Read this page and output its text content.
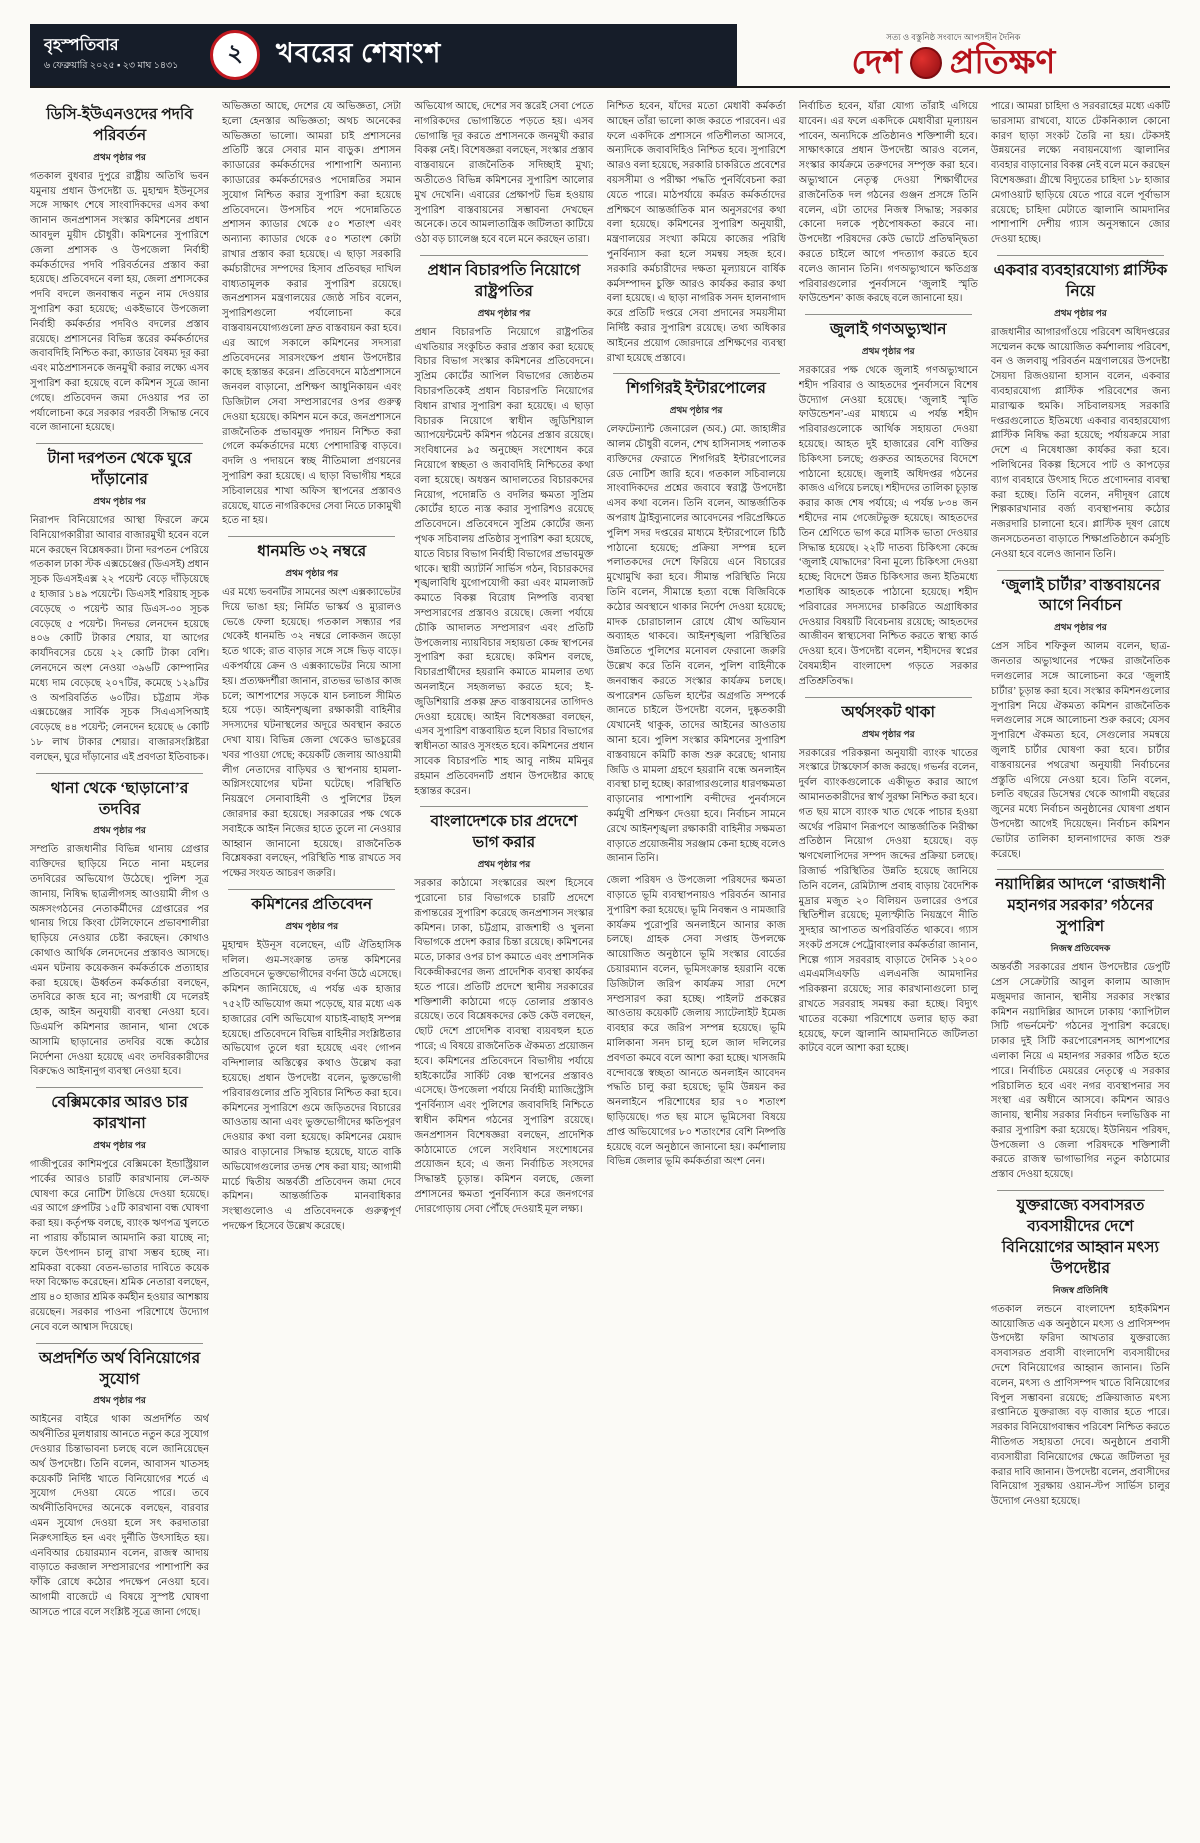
বৃহস্পতিবার
৬ ফেব্রুয়ারি ২০২৫ ▪ ২৩ মাঘ ১৪৩১	২ খবরের শেষাংশ
সত্য ও বস্তুনিষ্ঠ সংবাদে আপসহীন দৈনিক
দেশ প্রতিক্ষণ
ডিসি-ইউএনওদের পদবি পরিবর্তন
প্রথম পৃষ্ঠার পর

গতকাল বুধবার দুপুরে রাষ্ট্রীয় অতিথি ভবন যমুনায় প্রধান উপদেষ্টা ড. মুহাম্মদ ইউনূসের সঙ্গে সাক্ষাৎ শেষে সাংবাদিকদের এসব কথা জানান জনপ্রশাসন সংস্কার কমিশনের প্রধান আবদুল মুয়ীদ চৌধুরী। কমিশনের সুপারিশে জেলা প্রশাসক ও উপজেলা নির্বাহী কর্মকর্তাদের পদবি পরিবর্তনের প্রস্তাব করা হয়েছে। প্রতিবেদনে বলা হয়, জেলা প্রশাসকের পদবি বদলে জনবান্ধব নতুন নাম দেওয়ার সুপারিশ করা হয়েছে; একইভাবে উপজেলা নির্বাহী কর্মকর্তার পদবিও বদলের প্রস্তাব রয়েছে। প্রশাসনের বিভিন্ন স্তরের কর্মকর্তাদের জবাবদিহি নিশ্চিত করা, ক্যাডার বৈষম্য দূর করা এবং মাঠপ্রশাসনকে জনমুখী করার লক্ষ্যে এসব সুপারিশ করা হয়েছে বলে কমিশন সূত্রে জানা গেছে। প্রতিবেদন জমা দেওয়ার পর তা পর্যালোচনা করে সরকার পরবর্তী সিদ্ধান্ত নেবে বলে জানানো হয়েছে।

টানা দরপতন থেকে ঘুরে দাঁড়ানোর
প্রথম পৃষ্ঠার পর

নিরাপদ বিনিয়োগের আস্থা ফিরলে ক্রমে বিনিয়োগকারীরা আবার বাজারমুখী হবেন বলে মনে করছেন বিশ্লেষকরা। টানা দরপতন পেরিয়ে গতকাল ঢাকা স্টক এক্সচেঞ্জের (ডিএসই) প্রধান সূচক ডিএসইএক্স ২২ পয়েন্ট বেড়ে দাঁড়িয়েছে ৫ হাজার ১৪৯ পয়েন্টে। ডিএসই শরিয়াহ সূচক বেড়েছে ৩ পয়েন্ট আর ডিএস-৩০ সূচক বেড়েছে ৫ পয়েন্ট। দিনভর লেনদেন হয়েছে ৪০৬ কোটি টাকার শেয়ার, যা আগের কার্যদিবসের চেয়ে ২২ কোটি টাকা বেশি। লেনদেনে অংশ নেওয়া ৩৯৬টি কোম্পানির মধ্যে দাম বেড়েছে ২০৭টির, কমেছে ১২৯টির ও অপরিবর্তিত ৬০টির। চট্টগ্রাম স্টক এক্সচেঞ্জের সার্বিক সূচক সিএএসপিআই বেড়েছে ৪৪ পয়েন্ট; লেনদেন হয়েছে ৬ কোটি ১৮ লাখ টাকার শেয়ার। বাজারসংশ্লিষ্টরা বলছেন, ঘুরে দাঁড়ানোর এই প্রবণতা ইতিবাচক।

থানা থেকে ‘ছাড়ানো’র তদবির
প্রথম পৃষ্ঠার পর

সম্প্রতি রাজধানীর বিভিন্ন থানায় গ্রেপ্তার ব্যক্তিদের ছাড়িয়ে নিতে নানা মহলের তদবিরের অভিযোগ উঠেছে। পুলিশ সূত্র জানায়, নিষিদ্ধ ছাত্রলীগসহ আওয়ামী লীগ ও অঙ্গসংগঠনের নেতাকর্মীদের গ্রেপ্তারের পর থানায় গিয়ে কিংবা টেলিফোনে প্রভাবশালীরা ছাড়িয়ে নেওয়ার চেষ্টা করছেন। কোথাও কোথাও আর্থিক লেনদেনের প্রস্তাবও আসছে। এমন ঘটনায় কয়েকজন কর্মকর্তাকে প্রত্যাহার করা হয়েছে। ঊর্ধ্বতন কর্মকর্তারা বলছেন, তদবিরে কাজ হবে না; অপরাধী যে দলেরই হোক, আইন অনুযায়ী ব্যবস্থা নেওয়া হবে। ডিএমপি কমিশনার জানান, থানা থেকে আসামি ছাড়ানোর তদবির বন্ধে কঠোর নির্দেশনা দেওয়া হয়েছে এবং তদবিরকারীদের বিরুদ্ধেও আইনানুগ ব্যবস্থা নেওয়া হবে।

বেক্সিমকোর আরও চার কারখানা
প্রথম পৃষ্ঠার পর

গাজীপুরের কাশিমপুরে বেক্সিমকো ইন্ডাস্ট্রিয়াল পার্কের আরও চারটি কারখানায় লে-অফ ঘোষণা করে নোটিশ টাঙিয়ে দেওয়া হয়েছে। এর আগে গ্রুপটির ১৫টি কারখানা বন্ধ ঘোষণা করা হয়। কর্তৃপক্ষ বলছে, ব্যাংক ঋণপত্র খুলতে না পারায় কাঁচামাল আমদানি করা যাচ্ছে না; ফলে উৎপাদন চালু রাখা সম্ভব হচ্ছে না। শ্রমিকরা বকেয়া বেতন-ভাতার দাবিতে কয়েক দফা বিক্ষোভ করেছেন। শ্রমিক নেতারা বলছেন, প্রায় ৪০ হাজার শ্রমিক কর্মহীন হওয়ার আশঙ্কায় রয়েছেন। সরকার পাওনা পরিশোধে উদ্যোগ নেবে বলে আশ্বাস দিয়েছে।

অপ্রদর্শিত অর্থ বিনিয়োগের সুযোগ
প্রথম পৃষ্ঠার পর

আইনের বাইরে থাকা অপ্রদর্শিত অর্থ অর্থনীতির মূলধারায় আনতে নতুন করে সুযোগ দেওয়ার চিন্তাভাবনা চলছে বলে জানিয়েছেন অর্থ উপদেষ্টা। তিনি বলেন, আবাসন খাতসহ কয়েকটি নির্দিষ্ট খাতে বিনিয়োগের শর্তে এ সুযোগ দেওয়া যেতে পারে। তবে অর্থনীতিবিদদের অনেকে বলছেন, বারবার এমন সুযোগ দেওয়া হলে সৎ করদাতারা নিরুৎসাহিত হন এবং দুর্নীতি উৎসাহিত হয়। এনবিআর চেয়ারম্যান বলেন, রাজস্ব আদায় বাড়াতে করজাল সম্প্রসারণের পাশাপাশি কর ফাঁকি রোধে কঠোর পদক্ষেপ নেওয়া হবে। আগামী বাজেটে এ বিষয়ে সুস্পষ্ট ঘোষণা আসতে পারে বলে সংশ্লিষ্ট সূত্রে জানা গেছে।

অভিজ্ঞতা আছে, দেশের যে অভিজ্ঞতা, সেটা হলো হেনস্তার অভিজ্ঞতা; অথচ অনেকের অভিজ্ঞতা ভালো। আমরা চাই প্রশাসনের প্রতিটি স্তরে সেবার মান বাড়ুক। প্রশাসন ক্যাডারের কর্মকর্তাদের পাশাপাশি অন্যান্য ক্যাডারের কর্মকর্তাদেরও পদোন্নতির সমান সুযোগ নিশ্চিত করার সুপারিশ করা হয়েছে প্রতিবেদনে। উপসচিব পদে পদোন্নতিতে প্রশাসন ক্যাডার থেকে ৫০ শতাংশ এবং অন্যান্য ক্যাডার থেকে ৫০ শতাংশ কোটা রাখার প্রস্তাব করা হয়েছে। এ ছাড়া সরকারি কর্মচারীদের সম্পদের হিসাব প্রতিবছর দাখিল বাধ্যতামূলক করার সুপারিশ রয়েছে। জনপ্রশাসন মন্ত্রণালয়ের জ্যেষ্ঠ সচিব বলেন, সুপারিশগুলো পর্যালোচনা করে বাস্তবায়নযোগ্যগুলো দ্রুত বাস্তবায়ন করা হবে। এর আগে সকালে কমিশনের সদস্যরা প্রতিবেদনের সারসংক্ষেপ প্রধান উপদেষ্টার কাছে হস্তান্তর করেন। প্রতিবেদনে মাঠপ্রশাসনে জনবল বাড়ানো, প্রশিক্ষণ আধুনিকায়ন এবং ডিজিটাল সেবা সম্প্রসারণের ওপর গুরুত্ব দেওয়া হয়েছে। কমিশন মনে করে, জনপ্রশাসনে রাজনৈতিক প্রভাবমুক্ত পদায়ন নিশ্চিত করা গেলে কর্মকর্তাদের মধ্যে পেশাদারিত্ব বাড়বে। বদলি ও পদায়নে স্বচ্ছ নীতিমালা প্রণয়নের সুপারিশ করা হয়েছে। এ ছাড়া বিভাগীয় শহরে সচিবালয়ের শাখা অফিস স্থাপনের প্রস্তাবও রয়েছে, যাতে নাগরিকদের সেবা নিতে ঢাকামুখী হতে না হয়।

ধানমন্ডি ৩২ নম্বরে
প্রথম পৃষ্ঠার পর

এর মধ্যে ভবনটির সামনের অংশ এক্সক্যাভেটর দিয়ে ভাঙা হয়; নির্মিত ভাস্কর্য ও ম্যুরালও ভেঙে ফেলা হয়েছে। গতকাল সন্ধ্যার পর থেকেই ধানমন্ডি ৩২ নম্বরে লোকজন জড়ো হতে থাকে; রাত বাড়ার সঙ্গে সঙ্গে ভিড় বাড়ে। একপর্যায়ে ক্রেন ও এক্সক্যাভেটর নিয়ে আসা হয়। প্রত্যক্ষদর্শীরা জানান, রাতভর ভাঙার কাজ চলে; আশপাশের সড়কে যান চলাচল সীমিত হয়ে পড়ে। আইনশৃঙ্খলা রক্ষাকারী বাহিনীর সদস্যদের ঘটনাস্থলের অদূরে অবস্থান করতে দেখা যায়। বিভিন্ন জেলা থেকেও ভাঙচুরের খবর পাওয়া গেছে; কয়েকটি জেলায় আওয়ামী লীগ নেতাদের বাড়িঘর ও স্থাপনায় হামলা-অগ্নিসংযোগের ঘটনা ঘটেছে। পরিস্থিতি নিয়ন্ত্রণে সেনাবাহিনী ও পুলিশের টহল জোরদার করা হয়েছে। সরকারের পক্ষ থেকে সবাইকে আইন নিজের হাতে তুলে না নেওয়ার আহ্বান জানানো হয়েছে। রাজনৈতিক বিশ্লেষকরা বলছেন, পরিস্থিতি শান্ত রাখতে সব পক্ষের সংযত আচরণ জরুরি।

কমিশনের প্রতিবেদন
প্রথম পৃষ্ঠার পর

মুহাম্মদ ইউনূস বলেছেন, এটি ঐতিহাসিক দলিল। গুম-সংক্রান্ত তদন্ত কমিশনের প্রতিবেদনে ভুক্তভোগীদের বর্ণনা উঠে এসেছে। কমিশন জানিয়েছে, এ পর্যন্ত এক হাজার ৭৫২টি অভিযোগ জমা পড়েছে, যার মধ্যে এক হাজারের বেশি অভিযোগ যাচাই-বাছাই সম্পন্ন হয়েছে। প্রতিবেদনে বিভিন্ন বাহিনীর সংশ্লিষ্টতার অভিযোগ তুলে ধরা হয়েছে এবং গোপন বন্দিশালার অস্তিত্বের কথাও উল্লেখ করা হয়েছে। প্রধান উপদেষ্টা বলেন, ভুক্তভোগী পরিবারগুলোর প্রতি সুবিচার নিশ্চিত করা হবে। কমিশনের সুপারিশে গুমে জড়িতদের বিচারের আওতায় আনা এবং ভুক্তভোগীদের ক্ষতিপূরণ দেওয়ার কথা বলা হয়েছে। কমিশনের মেয়াদ আরও বাড়ানোর সিদ্ধান্ত হয়েছে, যাতে বাকি অভিযোগগুলোর তদন্ত শেষ করা যায়; আগামী মার্চে দ্বিতীয় অন্তর্বর্তী প্রতিবেদন জমা দেবে কমিশন। আন্তর্জাতিক মানবাধিকার সংস্থাগুলোও এ প্রতিবেদনকে গুরুত্বপূর্ণ পদক্ষেপ হিসেবে উল্লেখ করেছে।

অভিযোগ আছে, দেশের সব স্তরেই সেবা পেতে নাগরিকদের ভোগান্তিতে পড়তে হয়। এসব ভোগান্তি দূর করতে প্রশাসনকে জনমুখী করার বিকল্প নেই। বিশেষজ্ঞরা বলছেন, সংস্কার প্রস্তাব বাস্তবায়নে রাজনৈতিক সদিচ্ছাই মুখ্য; অতীতেও বিভিন্ন কমিশনের সুপারিশ আলোর মুখ দেখেনি। এবারের প্রেক্ষাপট ভিন্ন হওয়ায় সুপারিশ বাস্তবায়নের সম্ভাবনা দেখছেন অনেকে। তবে আমলাতান্ত্রিক জটিলতা কাটিয়ে ওঠা বড় চ্যালেঞ্জ হবে বলে মনে করছেন তারা।

প্রধান বিচারপতি নিয়োগে রাষ্ট্রপতির
প্রথম পৃষ্ঠার পর

প্রধান বিচারপতি নিয়োগে রাষ্ট্রপতির এখতিয়ার সংকুচিত করার প্রস্তাব করা হয়েছে বিচার বিভাগ সংস্কার কমিশনের প্রতিবেদনে। সুপ্রিম কোর্টের আপিল বিভাগের জ্যেষ্ঠতম বিচারপতিকেই প্রধান বিচারপতি নিয়োগের বিধান রাখার সুপারিশ করা হয়েছে। এ ছাড়া বিচারক নিয়োগে স্বাধীন জুডিশিয়াল অ্যাপয়েন্টমেন্ট কমিশন গঠনের প্রস্তাব রয়েছে। সংবিধানের ৯৫ অনুচ্ছেদ সংশোধন করে নিয়োগে স্বচ্ছতা ও জবাবদিহি নিশ্চিতের কথা বলা হয়েছে। অধস্তন আদালতের বিচারকদের নিয়োগ, পদোন্নতি ও বদলির ক্ষমতা সুপ্রিম কোর্টের হাতে ন্যস্ত করার সুপারিশও রয়েছে প্রতিবেদনে। প্রতিবেদনে সুপ্রিম কোর্টের জন্য পৃথক সচিবালয় প্রতিষ্ঠার সুপারিশ করা হয়েছে, যাতে বিচার বিভাগ নির্বাহী বিভাগের প্রভাবমুক্ত থাকে। স্থায়ী অ্যাটর্নি সার্ভিস গঠন, বিচারকদের শৃঙ্খলাবিধি যুগোপযোগী করা এবং মামলাজট কমাতে বিকল্প বিরোধ নিষ্পত্তি ব্যবস্থা সম্প্রসারণের প্রস্তাবও রয়েছে। জেলা পর্যায়ে চৌকি আদালত সম্প্রসারণ এবং প্রতিটি উপজেলায় ন্যায়বিচার সহায়তা কেন্দ্র স্থাপনের সুপারিশ করা হয়েছে। কমিশন বলছে, বিচারপ্রার্থীদের হয়রানি কমাতে মামলার তথ্য অনলাইনে সহজলভ্য করতে হবে; ই-জুডিশিয়ারি প্রকল্প দ্রুত বাস্তবায়নের তাগিদও দেওয়া হয়েছে। আইন বিশেষজ্ঞরা বলছেন, এসব সুপারিশ বাস্তবায়িত হলে বিচার বিভাগের স্বাধীনতা আরও সুসংহত হবে। কমিশনের প্রধান সাবেক বিচারপতি শাহ আবু নাঈম মমিনুর রহমান প্রতিবেদনটি প্রধান উপদেষ্টার কাছে হস্তান্তর করেন।

বাংলাদেশকে চার প্রদেশে ভাগ করার
প্রথম পৃষ্ঠার পর

সরকার কাঠামো সংস্কারের অংশ হিসেবে পুরোনো চার বিভাগকে চারটি প্রদেশে রূপান্তরের সুপারিশ করেছে জনপ্রশাসন সংস্কার কমিশন। ঢাকা, চট্টগ্রাম, রাজশাহী ও খুলনা বিভাগকে প্রদেশ করার চিন্তা রয়েছে। কমিশনের মতে, ঢাকার ওপর চাপ কমাতে এবং প্রশাসনিক বিকেন্দ্রীকরণের জন্য প্রাদেশিক ব্যবস্থা কার্যকর হতে পারে। প্রতিটি প্রদেশে স্থানীয় সরকারের শক্তিশালী কাঠামো গড়ে তোলার প্রস্তাবও রয়েছে। তবে বিশ্লেষকদের কেউ কেউ বলছেন, ছোট দেশে প্রাদেশিক ব্যবস্থা ব্যয়বহুল হতে পারে; এ বিষয়ে রাজনৈতিক ঐকমত্য প্রয়োজন হবে। কমিশনের প্রতিবেদনে বিভাগীয় পর্যায়ে হাইকোর্টের সার্কিট বেঞ্চ স্থাপনের প্রস্তাবও এসেছে। উপজেলা পর্যায়ে নির্বাহী ম্যাজিস্ট্রেসি পুনর্বিন্যাস এবং পুলিশের জবাবদিহি নিশ্চিতে স্বাধীন কমিশন গঠনের সুপারিশ রয়েছে। জনপ্রশাসন বিশেষজ্ঞরা বলছেন, প্রাদেশিক কাঠামোতে গেলে সংবিধান সংশোধনের প্রয়োজন হবে; এ জন্য নির্বাচিত সংসদের সিদ্ধান্তই চূড়ান্ত। কমিশন বলছে, জেলা প্রশাসনের ক্ষমতা পুনর্বিন্যাস করে জনগণের দোরগোড়ায় সেবা পৌঁছে দেওয়াই মূল লক্ষ্য।

নিশ্চিত হবেন, যাঁদের মতো মেধাবী কর্মকর্তা আছেন তাঁরা ভালো কাজ করতে পারবেন। এর ফলে একদিকে প্রশাসনে গতিশীলতা আসবে, অন্যদিকে জবাবদিহিও নিশ্চিত হবে। সুপারিশে আরও বলা হয়েছে, সরকারি চাকরিতে প্রবেশের বয়সসীমা ও পরীক্ষা পদ্ধতি পুনর্বিবেচনা করা যেতে পারে। মাঠপর্যায়ে কর্মরত কর্মকর্তাদের প্রশিক্ষণে আন্তর্জাতিক মান অনুসরণের কথা বলা হয়েছে। কমিশনের সুপারিশ অনুযায়ী, মন্ত্রণালয়ের সংখ্যা কমিয়ে কাজের পরিধি পুনর্বিন্যাস করা হলে সমন্বয় সহজ হবে। সরকারি কর্মচারীদের দক্ষতা মূল্যায়নে বার্ষিক কর্মসম্পাদন চুক্তি আরও কার্যকর করার কথা বলা হয়েছে। এ ছাড়া নাগরিক সনদ হালনাগাদ করে প্রতিটি দপ্তরে সেবা প্রদানের সময়সীমা নির্দিষ্ট করার সুপারিশ রয়েছে। তথ্য অধিকার আইনের প্রয়োগ জোরদারে প্রশিক্ষণের ব্যবস্থা রাখা হয়েছে প্রস্তাবে।

শিগগিরই ইন্টারপোলের
প্রথম পৃষ্ঠার পর

লেফটেন্যান্ট জেনারেল (অব.) মো. জাহাঙ্গীর আলম চৌধুরী বলেন, শেখ হাসিনাসহ পলাতক ব্যক্তিদের ফেরাতে শিগগিরই ইন্টারপোলের রেড নোটিশ জারি হবে। গতকাল সচিবালয়ে সাংবাদিকদের প্রশ্নের জবাবে স্বরাষ্ট্র উপদেষ্টা এসব কথা বলেন। তিনি বলেন, আন্তর্জাতিক অপরাধ ট্রাইব্যুনালের আবেদনের পরিপ্রেক্ষিতে পুলিশ সদর দপ্তরের মাধ্যমে ইন্টারপোলে চিঠি পাঠানো হয়েছে; প্রক্রিয়া সম্পন্ন হলে পলাতকদের দেশে ফিরিয়ে এনে বিচারের মুখোমুখি করা হবে। সীমান্ত পরিস্থিতি নিয়ে তিনি বলেন, সীমান্তে হত্যা বন্ধে বিজিবিকে কঠোর অবস্থানে থাকার নির্দেশ দেওয়া হয়েছে; মাদক চোরাচালান রোধে যৌথ অভিযান অব্যাহত থাকবে। আইনশৃঙ্খলা পরিস্থিতির উন্নতিতে পুলিশের মনোবল ফেরানো জরুরি উল্লেখ করে তিনি বলেন, পুলিশ বাহিনীকে জনবান্ধব করতে সংস্কার কার্যক্রম চলছে। অপারেশন ডেভিল হান্টের অগ্রগতি সম্পর্কে জানতে চাইলে উপদেষ্টা বলেন, দুষ্কৃতকারী যেখানেই থাকুক, তাদের আইনের আওতায় আনা হবে। পুলিশ সংস্কার কমিশনের সুপারিশ বাস্তবায়নে কমিটি কাজ শুরু করেছে; থানায় জিডি ও মামলা গ্রহণে হয়রানি বন্ধে অনলাইন ব্যবস্থা চালু হচ্ছে। কারাগারগুলোর ধারণক্ষমতা বাড়ানোর পাশাপাশি বন্দীদের পুনর্বাসনে কর্মমুখী প্রশিক্ষণ দেওয়া হবে। নির্বাচন সামনে রেখে আইনশৃঙ্খলা রক্ষাকারী বাহিনীর সক্ষমতা বাড়াতে প্রয়োজনীয় সরঞ্জাম কেনা হচ্ছে বলেও জানান তিনি।

জেলা পরিষদ ও উপজেলা পরিষদের ক্ষমতা বাড়াতে ভূমি ব্যবস্থাপনায়ও পরিবর্তন আনার সুপারিশ করা হয়েছে। ভূমি নিবন্ধন ও নামজারি কার্যক্রম পুরোপুরি অনলাইনে আনার কাজ চলছে। গ্রাহক সেবা সপ্তাহ উপলক্ষে আয়োজিত অনুষ্ঠানে ভূমি সংস্কার বোর্ডের চেয়ারম্যান বলেন, ভূমিসংক্রান্ত হয়রানি বন্ধে ডিজিটাল জরিপ কার্যক্রম সারা দেশে সম্প্রসারণ করা হচ্ছে। পাইলট প্রকল্পের আওতায় কয়েকটি জেলায় স্যাটেলাইট ইমেজ ব্যবহার করে জরিপ সম্পন্ন হয়েছে। ভূমি মালিকানা সনদ চালু হলে জাল দলিলের প্রবণতা কমবে বলে আশা করা হচ্ছে। খাসজমি বন্দোবস্তে স্বচ্ছতা আনতে অনলাইন আবেদন পদ্ধতি চালু করা হয়েছে; ভূমি উন্নয়ন কর অনলাইনে পরিশোধের হার ৭০ শতাংশ ছাড়িয়েছে। গত ছয় মাসে ভূমিসেবা বিষয়ে প্রাপ্ত অভিযোগের ৮০ শতাংশের বেশি নিষ্পত্তি হয়েছে বলে অনুষ্ঠানে জানানো হয়। কর্মশালায় বিভিন্ন জেলার ভূমি কর্মকর্তারা অংশ নেন।

নির্বাচিত হবেন, যাঁরা যোগ্য তাঁরাই এগিয়ে যাবেন। এর ফলে একদিকে মেধাবীরা মূল্যায়ন পাবেন, অন্যদিকে প্রতিষ্ঠানও শক্তিশালী হবে। সাক্ষাৎকারে প্রধান উপদেষ্টা আরও বলেন, সংস্কার কার্যক্রমে তরুণদের সম্পৃক্ত করা হবে। অভ্যুত্থানে নেতৃত্ব দেওয়া শিক্ষার্থীদের রাজনৈতিক দল গঠনের গুঞ্জন প্রসঙ্গে তিনি বলেন, এটা তাদের নিজস্ব সিদ্ধান্ত; সরকার কোনো দলকে পৃষ্ঠপোষকতা করবে না। উপদেষ্টা পরিষদের কেউ ভোটে প্রতিদ্বন্দ্বিতা করতে চাইলে আগে পদত্যাগ করতে হবে বলেও জানান তিনি। গণঅভ্যুত্থানে ক্ষতিগ্রস্ত পরিবারগুলোর পুনর্বাসনে ‘জুলাই স্মৃতি ফাউন্ডেশন’ কাজ করছে বলে জানানো হয়।

জুলাই গণঅভ্যুত্থান
প্রথম পৃষ্ঠার পর

সরকারের পক্ষ থেকে জুলাই গণঅভ্যুত্থানে শহীদ পরিবার ও আহতদের পুনর্বাসনে বিশেষ উদ্যোগ নেওয়া হয়েছে। ‘জুলাই স্মৃতি ফাউন্ডেশন’-এর মাধ্যমে এ পর্যন্ত শহীদ পরিবারগুলোকে আর্থিক সহায়তা দেওয়া হয়েছে। আহত দুই হাজারের বেশি ব্যক্তির চিকিৎসা চলছে; গুরুতর আহতদের বিদেশে পাঠানো হয়েছে। জুলাই অধিদপ্তর গঠনের কাজও এগিয়ে চলছে। শহীদদের তালিকা চূড়ান্ত করার কাজ শেষ পর্যায়ে; এ পর্যন্ত ৮৩৪ জন শহীদের নাম গেজেটভুক্ত হয়েছে। আহতদের তিন শ্রেণিতে ভাগ করে মাসিক ভাতা দেওয়ার সিদ্ধান্ত হয়েছে। ২২টি দাতব্য চিকিৎসা কেন্দ্রে ‘জুলাই যোদ্ধাদের’ বিনা মূল্যে চিকিৎসা দেওয়া হচ্ছে; বিদেশে উন্নত চিকিৎসার জন্য ইতিমধ্যে শতাধিক আহতকে পাঠানো হয়েছে। শহীদ পরিবারের সদস্যদের চাকরিতে অগ্রাধিকার দেওয়ার বিষয়টি বিবেচনায় রয়েছে; আহতদের আজীবন স্বাস্থ্যসেবা নিশ্চিত করতে স্বাস্থ্য কার্ড দেওয়া হবে। উপদেষ্টা বলেন, শহীদদের স্বপ্নের বৈষম্যহীন বাংলাদেশ গড়তে সরকার প্রতিশ্রুতিবদ্ধ।

অর্থসংকট থাকা
প্রথম পৃষ্ঠার পর

সরকারের পরিকল্পনা অনুযায়ী ব্যাংক খাতের সংস্কারে টাস্কফোর্স কাজ করছে। গভর্নর বলেন, দুর্বল ব্যাংকগুলোকে একীভূত করার আগে আমানতকারীদের স্বার্থ সুরক্ষা নিশ্চিত করা হবে। গত ছয় মাসে ব্যাংক খাত থেকে পাচার হওয়া অর্থের পরিমাণ নিরূপণে আন্তর্জাতিক নিরীক্ষা প্রতিষ্ঠান নিয়োগ দেওয়া হয়েছে। বড় ঋণখেলাপিদের সম্পদ জব্দের প্রক্রিয়া চলছে। রিজার্ভ পরিস্থিতির উন্নতি হয়েছে জানিয়ে তিনি বলেন, রেমিট্যান্স প্রবাহ বাড়ায় বৈদেশিক মুদ্রার মজুত ২০ বিলিয়ন ডলারের ওপরে স্থিতিশীল রয়েছে; মূল্যস্ফীতি নিয়ন্ত্রণে নীতি সুদহার আপাতত অপরিবর্তিত থাকবে। গ্যাস সংকট প্রসঙ্গে পেট্রোবাংলার কর্মকর্তারা জানান, শিল্পে গ্যাস সরবরাহ বাড়াতে দৈনিক ১২০০ এমএমসিএফডি এলএনজি আমদানির পরিকল্পনা রয়েছে; সার কারখানাগুলো চালু রাখতে সরবরাহ সমন্বয় করা হচ্ছে। বিদ্যুৎ খাতের বকেয়া পরিশোধে ডলার ছাড় করা হয়েছে, ফলে জ্বালানি আমদানিতে জটিলতা কাটবে বলে আশা করা হচ্ছে।

পারে। আমরা চাহিদা ও সরবরাহের মধ্যে একটি ভারসাম্য রাখবো, যাতে টেকনিক্যাল কোনো কারণ ছাড়া সংকট তৈরি না হয়। টেকসই উন্নয়নের লক্ষ্যে নবায়নযোগ্য জ্বালানির ব্যবহার বাড়ানোর বিকল্প নেই বলে মনে করছেন বিশেষজ্ঞরা। গ্রীষ্মে বিদ্যুতের চাহিদা ১৮ হাজার মেগাওয়াট ছাড়িয়ে যেতে পারে বলে পূর্বাভাস রয়েছে; চাহিদা মেটাতে জ্বালানি আমদানির পাশাপাশি দেশীয় গ্যাস অনুসন্ধানে জোর দেওয়া হচ্ছে।

একবার ব্যবহারযোগ্য প্লাস্টিক নিয়ে
প্রথম পৃষ্ঠার পর

রাজধানীর আগারগাঁওয়ে পরিবেশ অধিদপ্তরের সম্মেলন কক্ষে আয়োজিত কর্মশালায় পরিবেশ, বন ও জলবায়ু পরিবর্তন মন্ত্রণালয়ের উপদেষ্টা সৈয়দা রিজওয়ানা হাসান বলেন, একবার ব্যবহারযোগ্য প্লাস্টিক পরিবেশের জন্য মারাত্মক হুমকি। সচিবালয়সহ সরকারি দপ্তরগুলোতে ইতিমধ্যে একবার ব্যবহারযোগ্য প্লাস্টিক নিষিদ্ধ করা হয়েছে; পর্যায়ক্রমে সারা দেশে এ নিষেধাজ্ঞা কার্যকর করা হবে। পলিথিনের বিকল্প হিসেবে পাট ও কাপড়ের ব্যাগ ব্যবহারে উৎসাহ দিতে প্রণোদনার ব্যবস্থা করা হচ্ছে। তিনি বলেন, নদীদূষণ রোধে শিল্পকারখানার বর্জ্য ব্যবস্থাপনায় কঠোর নজরদারি চালানো হবে। প্লাস্টিক দূষণ রোধে জনসচেতনতা বাড়াতে শিক্ষাপ্রতিষ্ঠানে কর্মসূচি নেওয়া হবে বলেও জানান তিনি।

‘জুলাই চার্টার’ বাস্তবায়নের আগে নির্বাচন
প্রথম পৃষ্ঠার পর

প্রেস সচিব শফিকুল আলম বলেন, ছাত্র-জনতার অভ্যুত্থানের পক্ষের রাজনৈতিক দলগুলোর সঙ্গে আলোচনা করে ‘জুলাই চার্টার’ চূড়ান্ত করা হবে। সংস্কার কমিশনগুলোর সুপারিশ নিয়ে ঐকমত্য কমিশন রাজনৈতিক দলগুলোর সঙ্গে আলোচনা শুরু করবে; যেসব সুপারিশে ঐকমত্য হবে, সেগুলোর সমন্বয়ে জুলাই চার্টার ঘোষণা করা হবে। চার্টার বাস্তবায়নের পথরেখা অনুযায়ী নির্বাচনের প্রস্তুতি এগিয়ে নেওয়া হবে। তিনি বলেন, চলতি বছরের ডিসেম্বর থেকে আগামী বছরের জুনের মধ্যে নির্বাচন অনুষ্ঠানের ঘোষণা প্রধান উপদেষ্টা আগেই দিয়েছেন। নির্বাচন কমিশন ভোটার তালিকা হালনাগাদের কাজ শুরু করেছে।

নয়াদিল্লির আদলে ‘রাজধানী মহানগর সরকার’ গঠনের সুপারিশ
নিজস্ব প্রতিবেদক

অন্তর্বর্তী সরকারের প্রধান উপদেষ্টার ডেপুটি প্রেস সেক্রেটারি আবুল কালাম আজাদ মজুমদার জানান, স্থানীয় সরকার সংস্কার কমিশন নয়াদিল্লির আদলে ঢাকায় ‘ক্যাপিটাল সিটি গভর্নমেন্ট’ গঠনের সুপারিশ করেছে। ঢাকার দুই সিটি করপোরেশনসহ আশপাশের এলাকা নিয়ে এ মহানগর সরকার গঠিত হতে পারে। নির্বাচিত মেয়রের নেতৃত্বে এ সরকার পরিচালিত হবে এবং নগর ব্যবস্থাপনার সব সংস্থা এর অধীনে আসবে। কমিশন আরও জানায়, স্থানীয় সরকার নির্বাচন দলভিত্তিক না করার সুপারিশ করা হয়েছে। ইউনিয়ন পরিষদ, উপজেলা ও জেলা পরিষদকে শক্তিশালী করতে রাজস্ব ভাগাভাগির নতুন কাঠামোর প্রস্তাব দেওয়া হয়েছে।

যুক্তরাজ্যে বসবাসরত ব্যবসায়ীদের দেশে বিনিয়োগের আহ্বান মৎস্য উপদেষ্টার
নিজস্ব প্রতিনিধি

গতকাল লন্ডনে বাংলাদেশ হাইকমিশন আয়োজিত এক অনুষ্ঠানে মৎস্য ও প্রাণিসম্পদ উপদেষ্টা ফরিদা আখতার যুক্তরাজ্যে বসবাসরত প্রবাসী বাংলাদেশি ব্যবসায়ীদের দেশে বিনিয়োগের আহ্বান জানান। তিনি বলেন, মৎস্য ও প্রাণিসম্পদ খাতে বিনিয়োগের বিপুল সম্ভাবনা রয়েছে; প্রক্রিয়াজাত মৎস্য রপ্তানিতে যুক্তরাজ্য বড় বাজার হতে পারে। সরকার বিনিয়োগবান্ধব পরিবেশ নিশ্চিত করতে নীতিগত সহায়তা দেবে। অনুষ্ঠানে প্রবাসী ব্যবসায়ীরা বিনিয়োগের ক্ষেত্রে জটিলতা দূর করার দাবি জানান। উপদেষ্টা বলেন, প্রবাসীদের বিনিয়োগ সুরক্ষায় ওয়ান-স্টপ সার্ভিস চালুর উদ্যোগ নেওয়া হয়েছে।
